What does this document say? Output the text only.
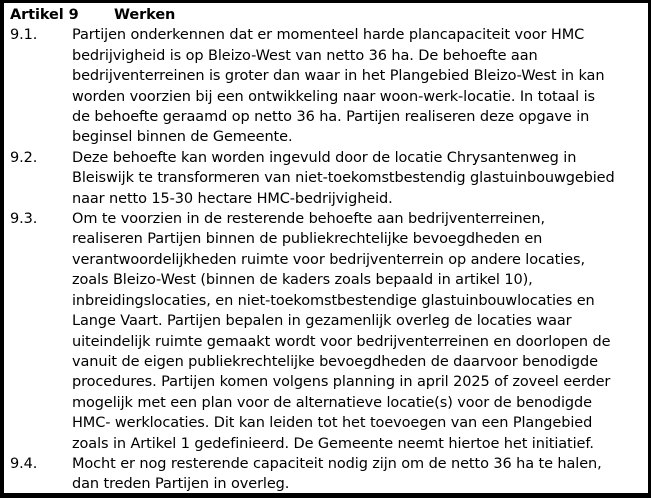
Artikel 9	Werken
9.1.	Partijen onderkennen dat er momenteel harde plancapaciteit voor HMC
bedrijvigheid is op Bleizo-West van netto 36 ha. De behoefte aan
bedrijventerreinen is groter dan waar in het Plangebied Bleizo-West in kan
worden voorzien bij een ontwikkeling naar woon-werk-locatie. In totaal is
de behoefte geraamd op netto 36 ha. Partijen realiseren deze opgave in
beginsel binnen de Gemeente.
9.2.	Deze behoefte kan worden ingevuld door de locatie Chrysantenweg in
Bleiswijk te transformeren van niet-toekomstbestendig glastuinbouwgebied
naar netto 15-30 hectare HMC-bedrijvigheid.
9.3.	Om te voorzien in de resterende behoefte aan bedrijventerreinen,
realiseren Partijen binnen de publiekrechtelijke bevoegdheden en
verantwoordelijkheden ruimte voor bedrijventerrein op andere locaties,
zoals Bleizo-West (binnen de kaders zoals bepaald in artikel 10),
inbreidingslocaties, en niet-toekomstbestendige glastuinbouwlocaties en
Lange Vaart. Partijen bepalen in gezamenlijk overleg de locaties waar
uiteindelijk ruimte gemaakt wordt voor bedrijventerreinen en doorlopen de
vanuit de eigen publiekrechtelijke bevoegdheden de daarvoor benodigde
procedures. Partijen komen volgens planning in april 2025 of zoveel eerder
mogelijk met een plan voor de alternatieve locatie(s) voor de benodigde
HMC- werklocaties. Dit kan leiden tot het toevoegen van een Plangebied
zoals in Artikel 1 gedefinieerd. De Gemeente neemt hiertoe het initiatief.
9.4.	Mocht er nog resterende capaciteit nodig zijn om de netto 36 ha te halen,
dan treden Partijen in overleg.
